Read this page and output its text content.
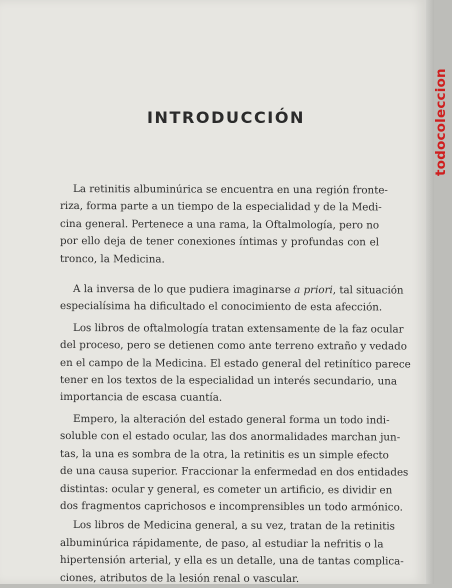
todocoleccion
INTRODUCCIÓN
La retinitis albuminúrica se encuentra en una región fronte-
riza, forma parte a un tiempo de la especialidad y de la Medi-
cina general. Pertenece a una rama, la Oftalmología, pero no
por ello deja de tener conexiones íntimas y profundas con el
tronco, la Medicina.
A la inversa de lo que pudiera imaginarse a priori, tal situación
especialísima ha dificultado el conocimiento de esta afección.
Los libros de oftalmología tratan extensamente de la faz ocular
del proceso, pero se detienen como ante terreno extraño y vedado
en el campo de la Medicina. El estado general del retinítico parece
tener en los textos de la especialidad un interés secundario, una
importancia de escasa cuantía.
Empero, la alteración del estado general forma un todo indi-
soluble con el estado ocular, las dos anormalidades marchan jun-
tas, la una es sombra de la otra, la retinitis es un simple efecto
de una causa superior. Fraccionar la enfermedad en dos entidades
distintas: ocular y general, es cometer un artificio, es dividir en
dos fragmentos caprichosos e incomprensibles un todo armónico.
Los libros de Medicina general, a su vez, tratan de la retinitis
albuminúrica rápidamente, de paso, al estudiar la nefritis o la
hipertensión arterial, y ella es un detalle, una de tantas complica-
ciones, atributos de la lesión renal o vascular.
